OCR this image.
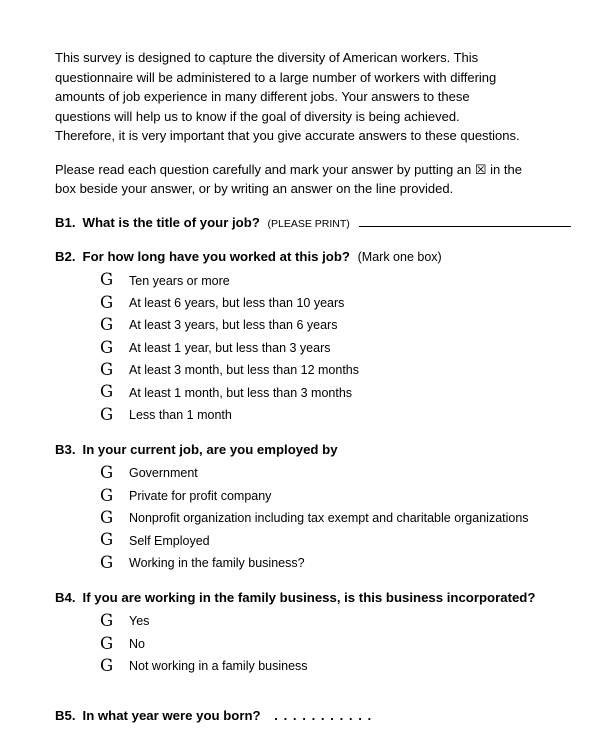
This survey is designed to capture the diversity of American workers. This
questionnaire will be administered to a large number of workers with differing
amounts of job experience in many different jobs. Your answers to these
questions will help us to know if the goal of diversity is being achieved.
Therefore, it is very important that you give accurate answers to these questions.
Please read each question carefully and mark your answer by putting an ☒ in the
box beside your answer, or by writing an answer on the line provided.
B1. What is the title of your job? (PLEASE PRINT)
B2. For how long have you worked at this job? (Mark one box)
G	Ten years or more
G	At least 6 years, but less than 10 years
G	At least 3 years, but less than 6 years
G	At least 1 year, but less than 3 years
G	At least 3 month, but less than 12 months
G	At least 1 month, but less than 3 months
G	Less than 1 month
B3. In your current job, are you employed by
G	Government
G	Private for profit company
G	Nonprofit organization including tax exempt and charitable organizations
G	Self Employed
G	Working in the family business?
B4. If you are working in the family business, is this business incorporated?
G	Yes
G	No
G	Not working in a family business
B5. In what year were you born? . . . . . . . . . . .
